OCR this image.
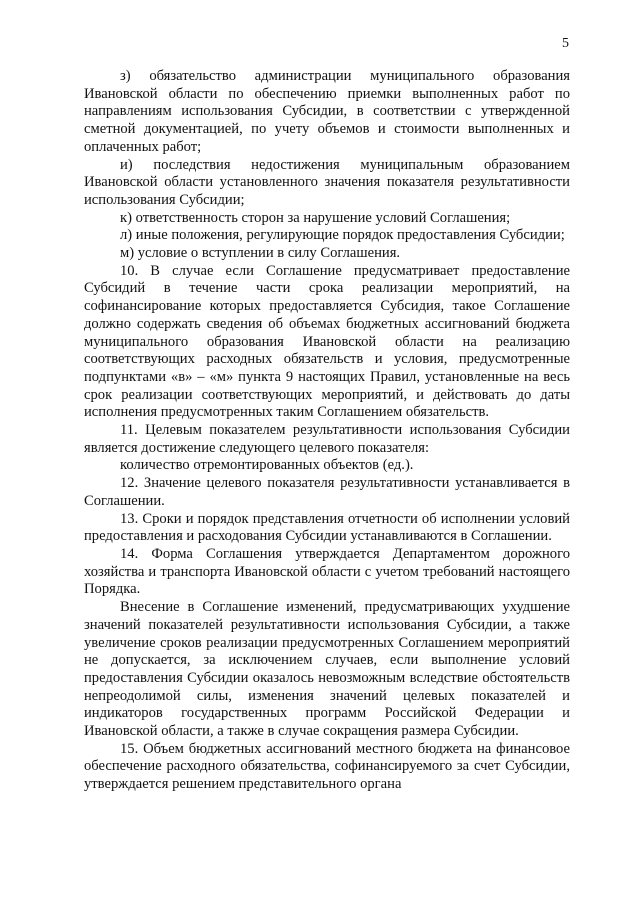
5

з) обязательство администрации муниципального образования Ивановской области по обеспечению приемки выполненных работ по направлениям использования Субсидии, в соответствии с утвержденной сметной документацией, по учету объемов и стоимости выполненных и оплаченных работ;

и) последствия недостижения муниципальным образованием Ивановской области установленного значения показателя результативности использования Субсидии;

к) ответственность сторон за нарушение условий Соглашения;

л) иные положения, регулирующие порядок предоставления Субсидии;

м) условие о вступлении в силу Соглашения.

10. В случае если Соглашение предусматривает предоставление Субсидий в течение части срока реализации мероприятий, на софинансирование которых предоставляется Субсидия, такое Соглашение должно содержать сведения об объемах бюджетных ассигнований бюджета муниципального образования Ивановской области на реализацию соответствующих расходных обязательств и условия, предусмотренные подпунктами «в» – «м» пункта 9 настоящих Правил, установленные на весь срок реализации соответствующих мероприятий, и действовать до даты исполнения предусмотренных таким Соглашением обязательств.

11. Целевым показателем результативности использования Субсидии является достижение следующего целевого показателя:

количество отремонтированных объектов (ед.).

12. Значение целевого показателя результативности устанавливается в Соглашении.

13. Сроки и порядок представления отчетности об исполнении условий предоставления и расходования Субсидии устанавливаются в Соглашении.

14. Форма Соглашения утверждается Департаментом дорожного хозяйства и транспорта Ивановской области с учетом требований настоящего Порядка.

Внесение в Соглашение изменений, предусматривающих ухудшение значений показателей результативности использования Субсидии, а также увеличение сроков реализации предусмотренных Соглашением мероприятий не допускается, за исключением случаев, если выполнение условий предоставления Субсидии оказалось невозможным вследствие обстоятельств непреодолимой силы, изменения значений целевых показателей и индикаторов государственных программ Российской Федерации и Ивановской области, а также в случае сокращения размера Субсидии.

15. Объем бюджетных ассигнований местного бюджета на финансовое обеспечение расходного обязательства, софинансируемого за счет Субсидии, утверждается решением представительного органа
